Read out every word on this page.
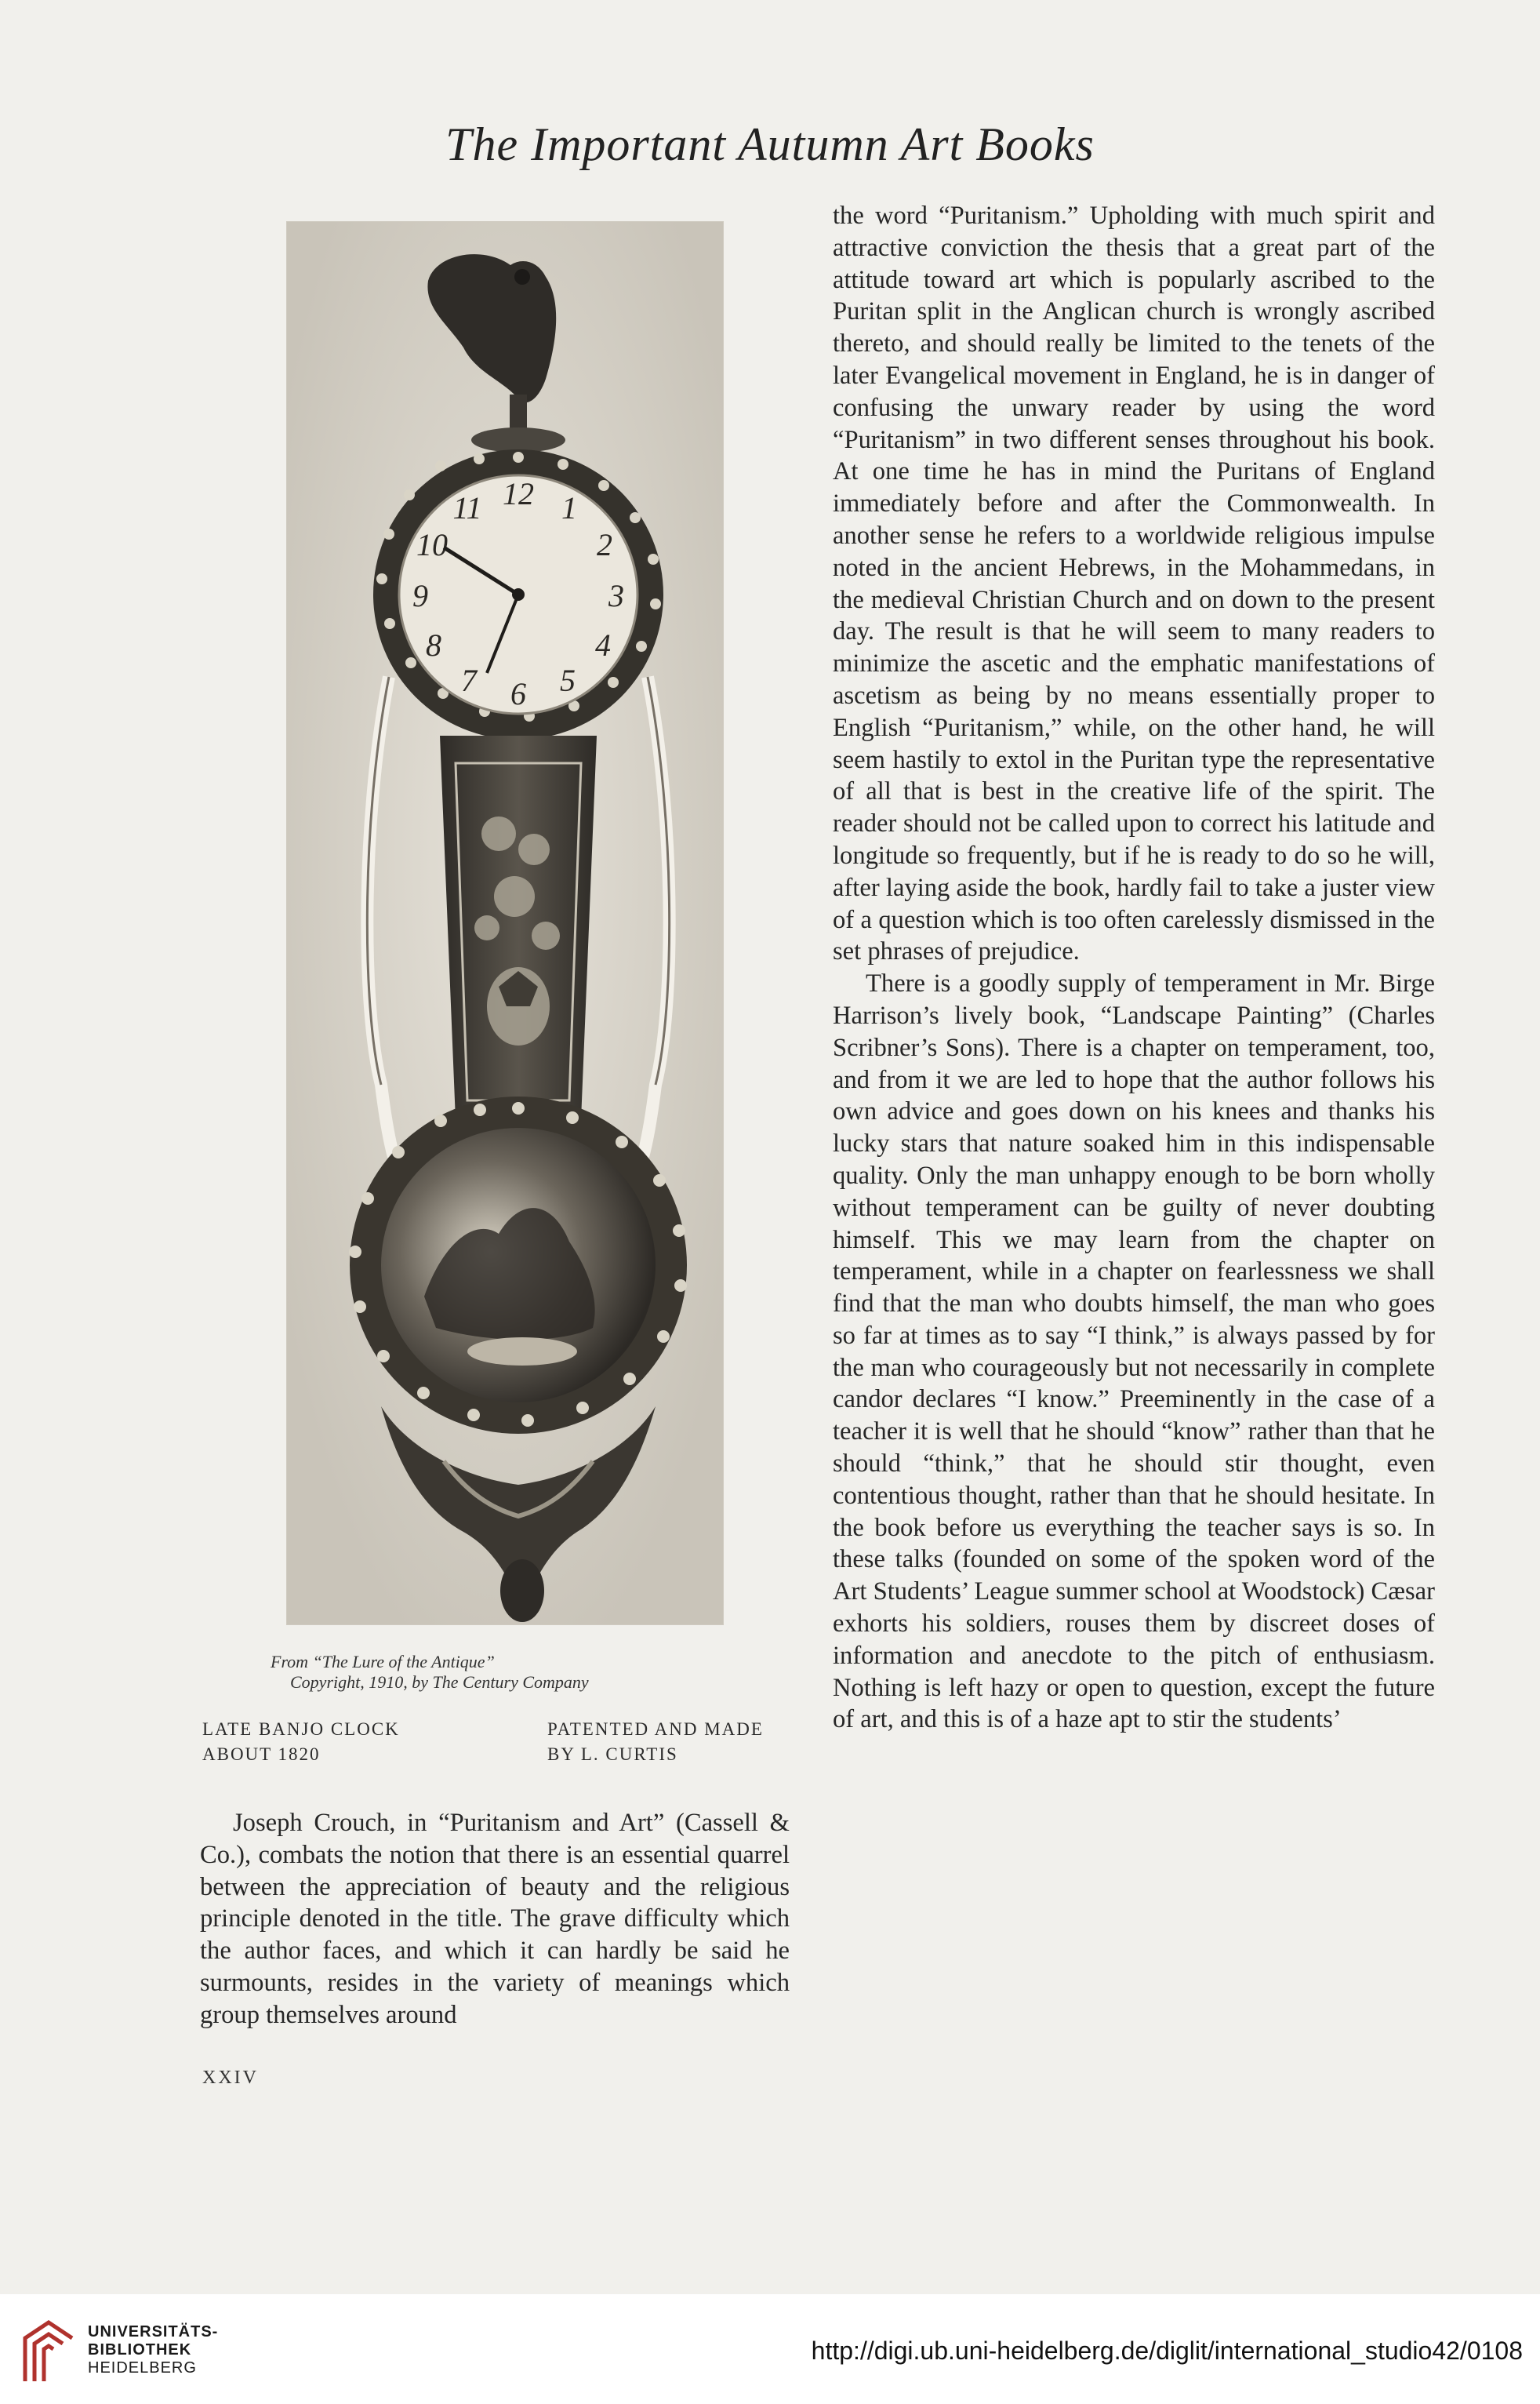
The Important Autumn Art Books
12 1
2
3
4
5
6
7
8
9
10
11
From “The Lure of the Antique”
Copyright, 1910, by The Century Company
LATE BANJO CLOCK
ABOUT 1820
PATENTED AND MADE
BY L. CURTIS

Joseph Crouch, in “Puritanism and Art” (Cassell & Co.), combats the notion that there is an essential quarrel between the appreciation of beauty and the religious principle denoted in the title. The grave difficulty which the author faces, and which it can hardly be said he surmounts, resides in the variety of meanings which group themselves around

the word “Puritanism.” Upholding with much spirit and attractive conviction the thesis that a great part of the attitude toward art which is popularly ascribed to the Puritan split in the Anglican church is wrongly ascribed thereto, and should really be limited to the tenets of the later Evangelical movement in England, he is in danger of confusing the unwary reader by using the word “Puritanism” in two different senses throughout his book. At one time he has in mind the Puritans of England immediately before and after the Commonwealth. In another sense he refers to a worldwide religious impulse noted in the ancient Hebrews, in the Mohammedans, in the medieval Christian Church and on down to the present day. The result is that he will seem to many readers to minimize the ascetic and the emphatic manifestations of ascetism as being by no means essentially proper to English “Puritanism,” while, on the other hand, he will seem hastily to extol in the Puritan type the representative of all that is best in the creative life of the spirit. The reader should not be called upon to correct his latitude and longitude so frequently, but if he is ready to do so he will, after laying aside the book, hardly fail to take a juster view of a question which is too often carelessly dismissed in the set phrases of prejudice.

There is a goodly supply of temperament in Mr. Birge Harrison’s lively book, “Landscape Painting” (Charles Scribner’s Sons). There is a chapter on temperament, too, and from it we are led to hope that the author follows his own advice and goes down on his knees and thanks his lucky stars that nature soaked him in this indispensable quality. Only the man unhappy enough to be born wholly without temperament can be guilty of never doubting himself. This we may learn from the chapter on temperament, while in a chapter on fearlessness we shall find that the man who doubts himself, the man who goes so far at times as to say “I think,” is always passed by for the man who courageously but not necessarily in complete candor declares “I know.” Preeminently in the case of a teacher it is well that he should “know” rather than that he should “think,” that he should stir thought, even contentious thought, rather than that he should hesitate. In the book before us everything the teacher says is so. In these talks (founded on some of the spoken word of the Art Students’ League summer school at Woodstock) Cæsar exhorts his soldiers, rouses them by discreet doses of information and anecdote to the pitch of enthusiasm. Nothing is left hazy or open to question, except the future of art, and this is of a haze apt to stir the students’

XXIV
UNIVERSITÄTS-
BIBLIOTHEK
HEIDELBERG
http://digi.ub.uni-heidelberg.de/diglit/international_studio42/0108
